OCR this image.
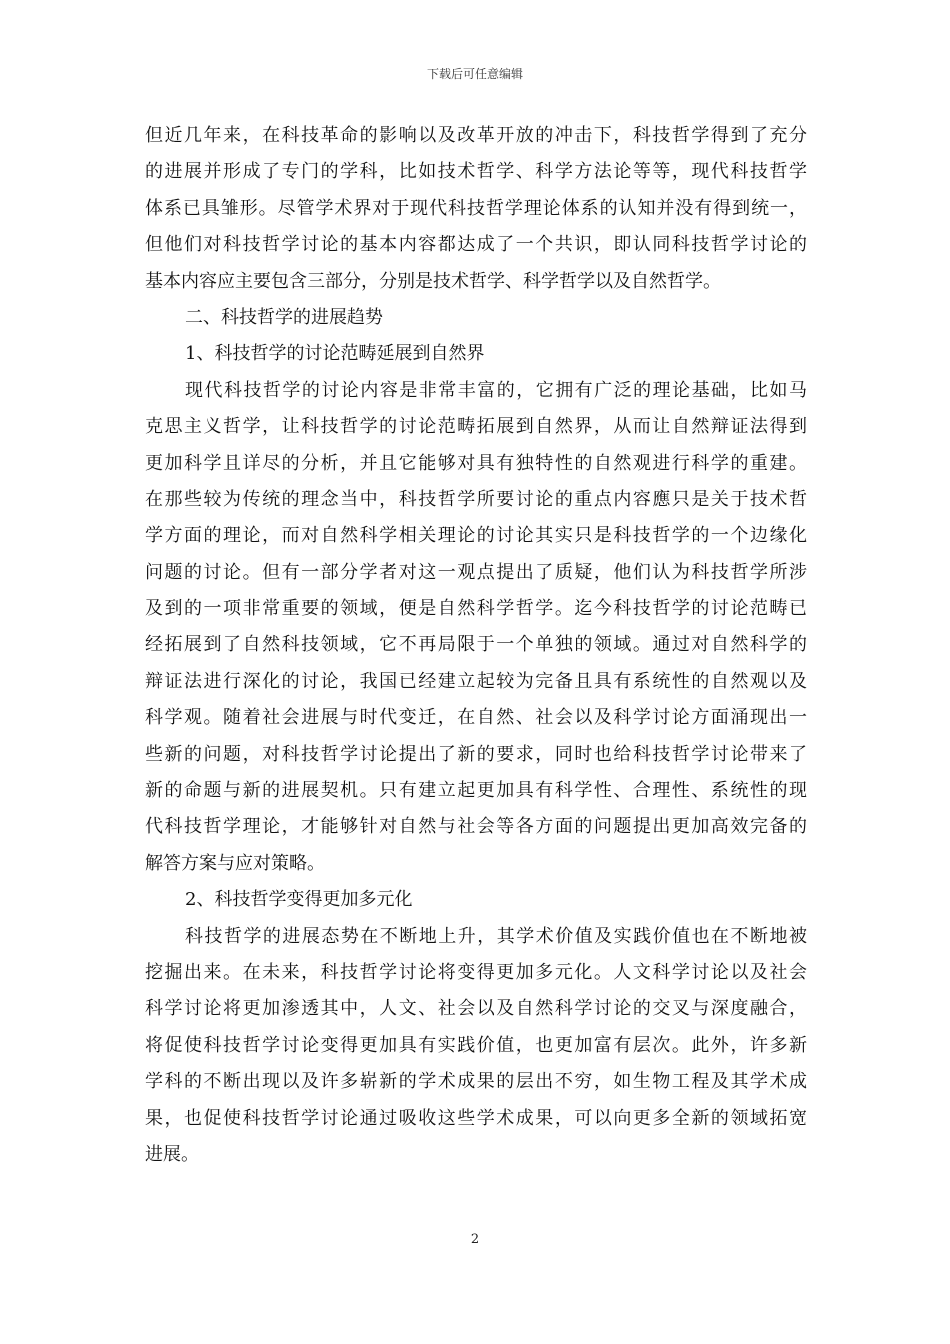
下载后可任意编辑
但近几年来，在科技革命的影响以及改革开放的冲击下，科技哲学得到了充分
的进展并形成了专门的学科，比如技术哲学、科学方法论等等，现代科技哲学
体系已具雏形。尽管学术界对于现代科技哲学理论体系的认知并没有得到统一，
但他们对科技哲学讨论的基本内容都达成了一个共识，即认同科技哲学讨论的
基本内容应主要包含三部分，分别是技术哲学、科学哲学以及自然哲学。
二、科技哲学的进展趋势
1、科技哲学的讨论范畴延展到自然界
现代科技哲学的讨论内容是非常丰富的，它拥有广泛的理论基础，比如马
克思主义哲学，让科技哲学的讨论范畴拓展到自然界，从而让自然辩证法得到
更加科学且详尽的分析，并且它能够对具有独特性的自然观进行科学的重建。
在那些较为传统的理念当中，科技哲学所要讨论的重点内容應只是关于技术哲
学方面的理论，而对自然科学相关理论的讨论其实只是科技哲学的一个边缘化
问题的讨论。但有一部分学者对这一观点提出了质疑，他们认为科技哲学所涉
及到的一项非常重要的领域，便是自然科学哲学。迄今科技哲学的讨论范畴已
经拓展到了自然科技领域，它不再局限于一个单独的领域。通过对自然科学的
辩证法进行深化的讨论，我国已经建立起较为完备且具有系统性的自然观以及
科学观。随着社会进展与时代变迁，在自然、社会以及科学讨论方面涌现出一
些新的问题，对科技哲学讨论提出了新的要求，同时也给科技哲学讨论带来了
新的命题与新的进展契机。只有建立起更加具有科学性、合理性、系统性的现
代科技哲学理论，才能够针对自然与社会等各方面的问题提出更加高效完备的
解答方案与应对策略。
2、科技哲学变得更加多元化
科技哲学的进展态势在不断地上升，其学术价值及实践价值也在不断地被
挖掘出来。在未来，科技哲学讨论将变得更加多元化。人文科学讨论以及社会
科学讨论将更加渗透其中，人文、社会以及自然科学讨论的交叉与深度融合，
将促使科技哲学讨论变得更加具有实践价值，也更加富有层次。此外，许多新
学科的不断出现以及许多崭新的学术成果的层出不穷，如生物工程及其学术成
果，也促使科技哲学讨论通过吸收这些学术成果，可以向更多全新的领域拓宽
进展。
2
